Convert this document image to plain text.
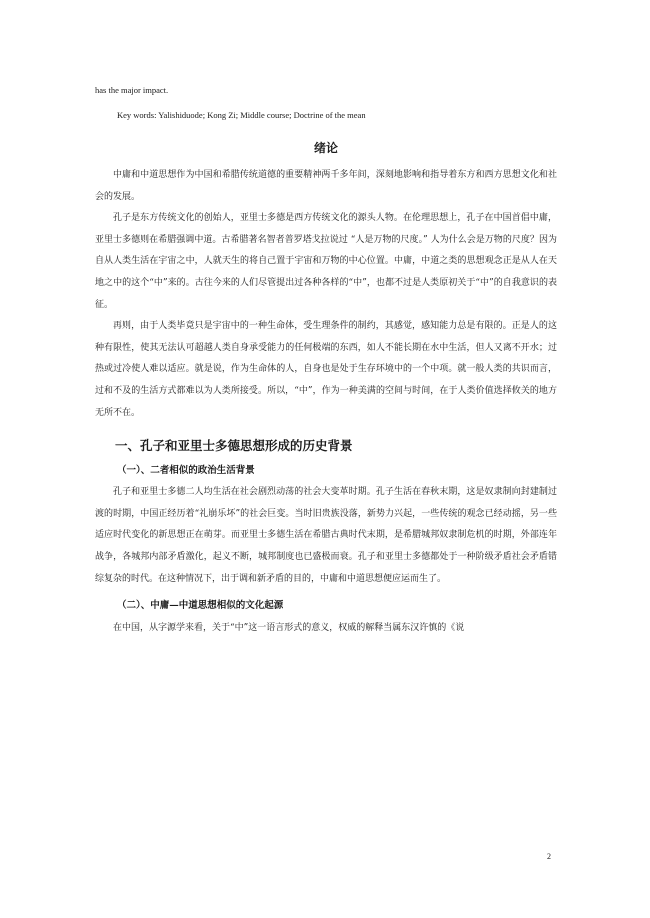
has the major impact.

Key words: Yalishiduode; Kong Zi; Middle course; Doctrine of the mean

绪论

中庸和中道思想作为中国和希腊传统道德的重要精神两千多年间，深刻地影响和指导着东方和西方思想文化和社会的发展。

孔子是东方传统文化的创始人，亚里士多德是西方传统文化的源头人物。在伦理思想上，孔子在中国首倡中庸，亚里士多德则在希腊强调中道。古希腊著名智者普罗塔戈拉说过 “人是万物的尺度。” 人为什么会是万物的尺度？因为自从人类生活在宇宙之中，人就天生的将自己置于宇宙和万物的中心位置。中庸，中道之类的思想观念正是从人在天地之中的这个“中”来的。古往今来的人们尽管提出过各种各样的“中”，也都不过是人类原初关于“中”的自我意识的表征。

再则，由于人类毕竟只是宇宙中的一种生命体，受生理条件的制约，其感觉，感知能力总是有限的。正是人的这种有限性，使其无法认可超越人类自身承受能力的任何极端的东西，如人不能长期在水中生活，但人又离不开水；过热或过冷使人难以适应。就是说，作为生命体的人，自身也是处于生存环境中的一个中项。就一般人类的共识而言，过和不及的生活方式都难以为人类所接受。所以，“中”，作为一种美满的空间与时间，在于人类价值选择攸关的地方无所不在。

一、孔子和亚里士多德思想形成的历史背景
（一）、二者相似的政治生活背景

孔子和亚里士多德二人均生活在社会剧烈动荡的社会大变革时期。孔子生活在春秋末期，这是奴隶制向封建制过渡的时期，中国正经历着“礼崩乐坏”的社会巨变。当时旧贵族没落，新势力兴起，一些传统的观念已经动摇，另一些适应时代变化的新思想正在萌芽。而亚里士多德生活在希腊古典时代末期，是希腊城邦奴隶制危机的时期，外部连年战争，各城邦内部矛盾激化，起义不断，城邦制度也已盛极而衰。孔子和亚里士多德都处于一种阶级矛盾社会矛盾错综复杂的时代。在这种情况下，出于调和新矛盾的目的，中庸和中道思想便应运而生了。

（二）、中庸—中道思想相似的文化起源

在中国，从字源学来看，关于“中”这一语言形式的意义，权威的解释当属东汉许慎的《说

2
